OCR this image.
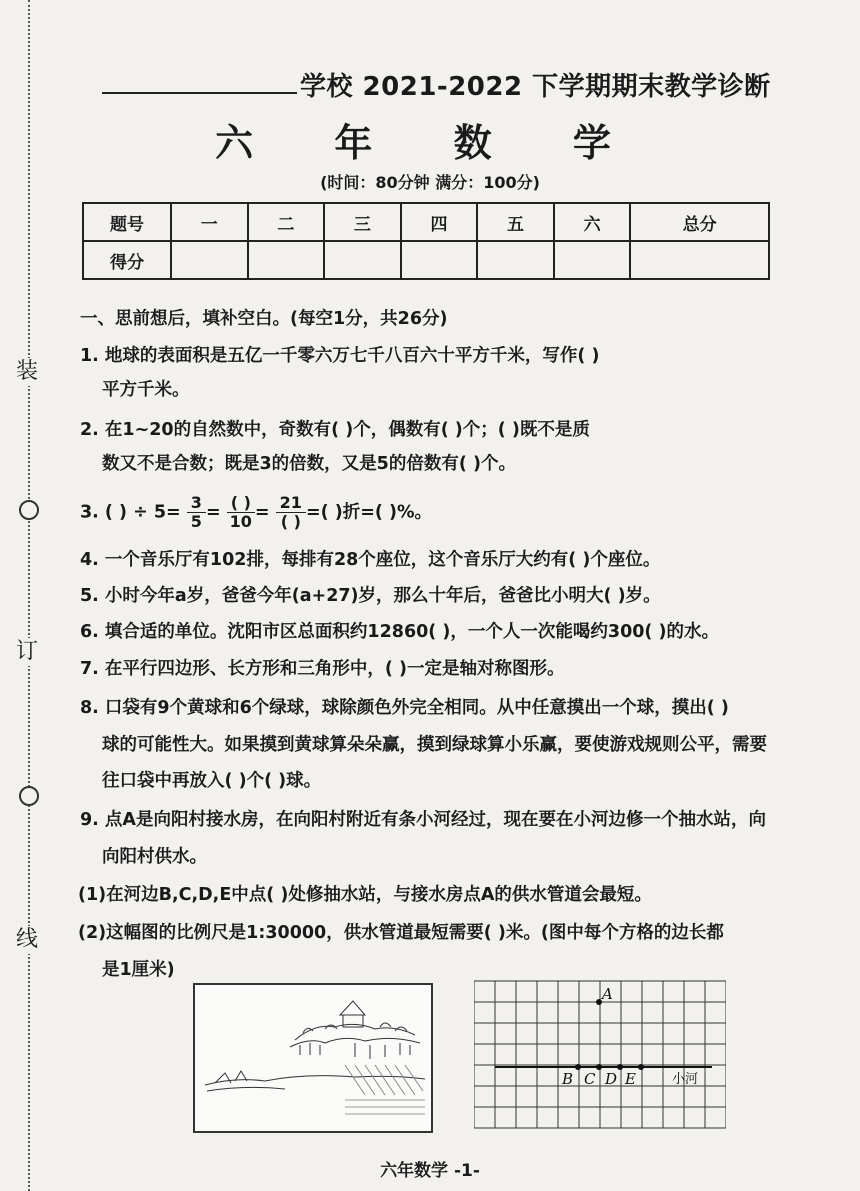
装
订
线
学校 2021-2022 下学期期末教学诊断
六 年 数 学
(时间：80分钟 满分：100分)
题号	一	二	三	四	五	六	总分
得分							
一、思前想后，填补空白。(每空1分，共26分)
1. 地球的表面积是五亿一千零六万七千八百六十平方千米，写作( )
平方千米。
2. 在1~20的自然数中，奇数有( )个，偶数有( )个；( )既不是质
数又不是合数；既是3的倍数，又是5的倍数有( )个。
3. ( ) ÷ $5= \frac{3}{5} = \frac{( )}{10} = \frac{21}{( )}$ =( )折=( )%。
4. 一个音乐厅有102排，每排有28个座位，这个音乐厅大约有( )个座位。
5. 小时今年a岁，爸爸今年(a+27)岁，那么十年后，爸爸比小明大( )岁。
6. 填合适的单位。沈阳市区总面积约12860( )，一个人一次能喝约300( )的水。
7. 在平行四边形、长方形和三角形中，( )一定是轴对称图形。
8. 口袋有9个黄球和6个绿球，球除颜色外完全相同。从中任意摸出一个球，摸出( )
球的可能性大。如果摸到黄球算朵朵赢，摸到绿球算小乐赢，要使游戏规则公平，需要
往口袋中再放入( )个( )球。
9. 点A是向阳村接水房，在向阳村附近有条小河经过，现在要在小河边修一个抽水站，向
向阳村供水。
(1)在河边B,C,D,E中点( )处修抽水站，与接水房点A的供水管道会最短。
(2)这幅图的比例尺是1:30000，供水管道最短需要( )米。(图中每个方格的边长都
是1厘米)
A
B C D E	小河
六年数学 -1-
